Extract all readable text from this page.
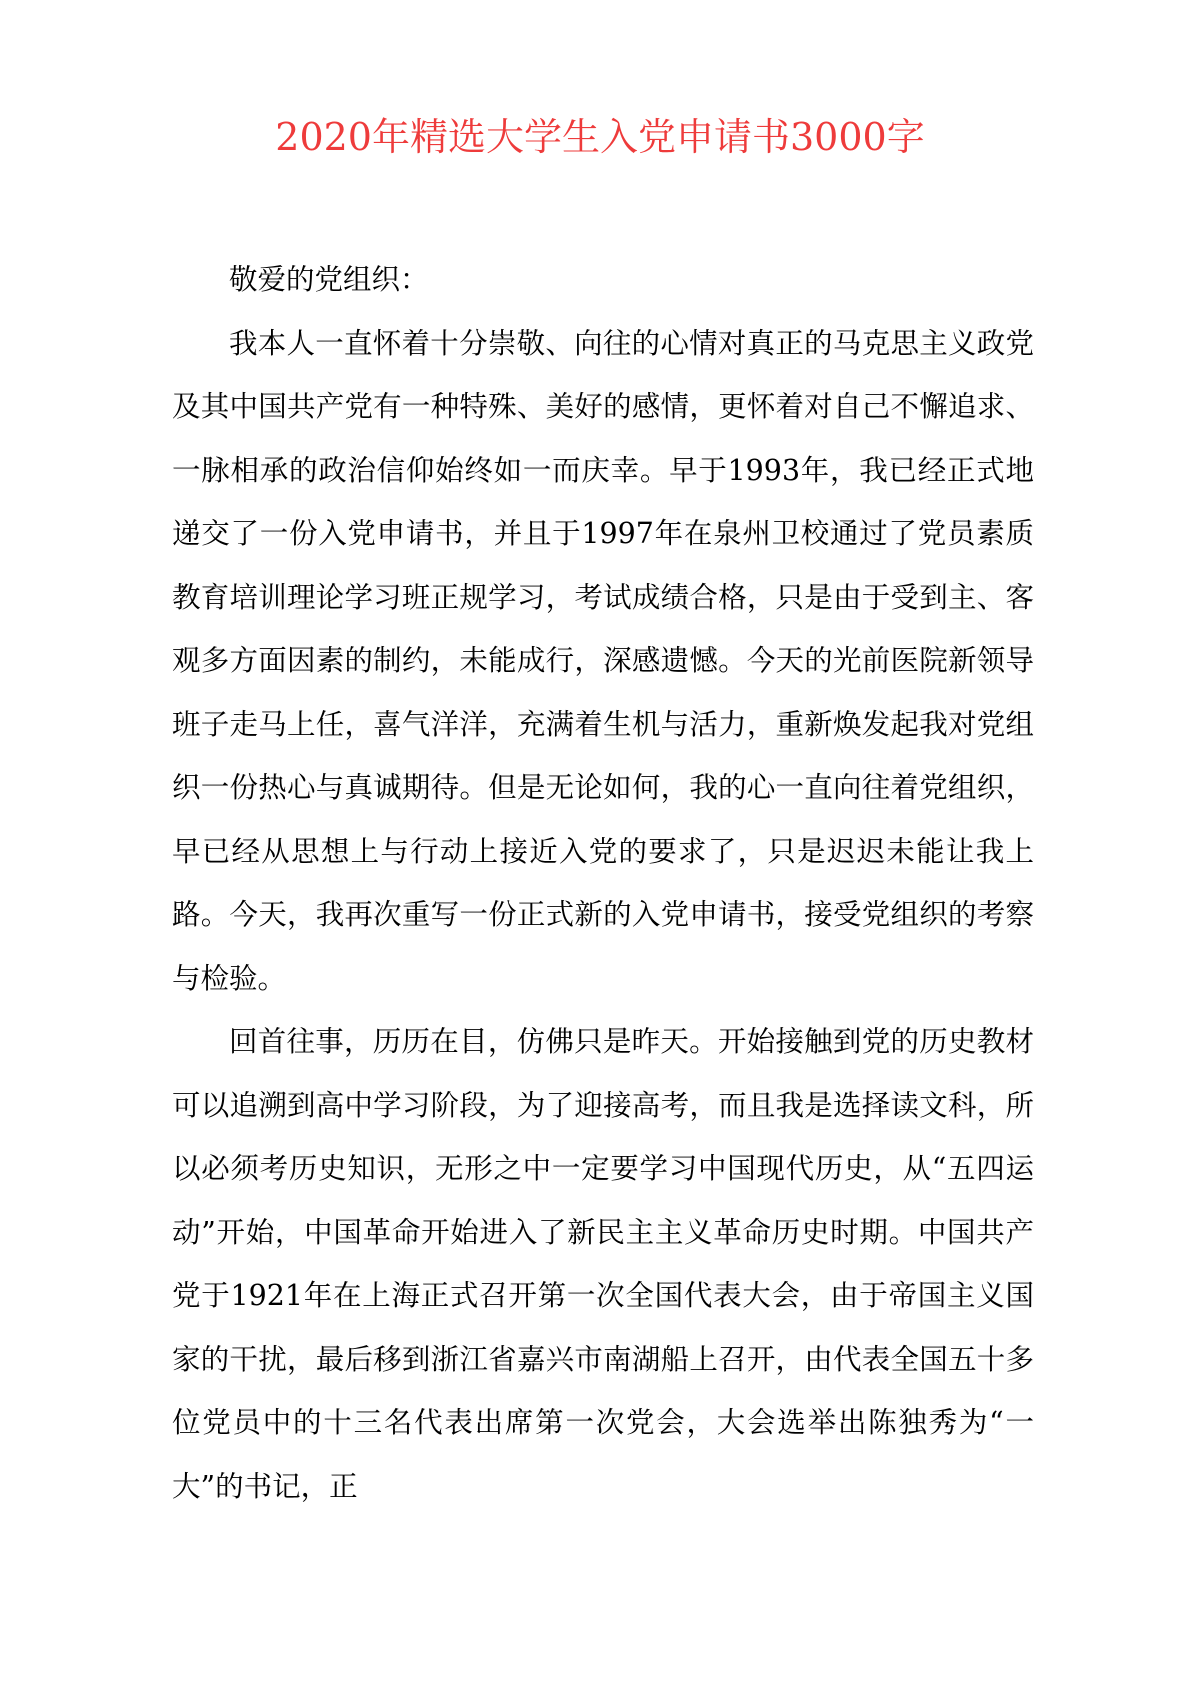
2020年精选大学生入党申请书3000字

敬爱的党组织：

我本人一直怀着十分崇敬、向往的心情对真正的马克思主义政党及其中国共产党有一种特殊、美好的感情，更怀着对自己不懈追求、一脉相承的政治信仰始终如一而庆幸。早于1993年，我已经正式地递交了一份入党申请书，并且于1997年在泉州卫校通过了党员素质教育培训理论学习班正规学习，考试成绩合格，只是由于受到主、客观多方面因素的制约，未能成行，深感遗憾。今天的光前医院新领导班子走马上任，喜气洋洋，充满着生机与活力，重新焕发起我对党组织一份热心与真诚期待。但是无论如何，我的心一直向往着党组织，早已经从思想上与行动上接近入党的要求了，只是迟迟未能让我上路。今天，我再次重写一份正式新的入党申请书，接受党组织的考察与检验。

回首往事，历历在目，仿佛只是昨天。开始接触到党的历史教材可以追溯到高中学习阶段，为了迎接高考，而且我是选择读文科，所以必须考历史知识，无形之中一定要学习中国现代历史，从“五四运动”开始，中国革命开始进入了新民主主义革命历史时期。中国共产党于1921年在上海正式召开第一次全国代表大会，由于帝国主义国家的干扰，最后移到浙江省嘉兴市南湖船上召开，由代表全国五十多位党员中的十三名代表出席第一次党会，大会选举出陈独秀为“一大”的书记，正
